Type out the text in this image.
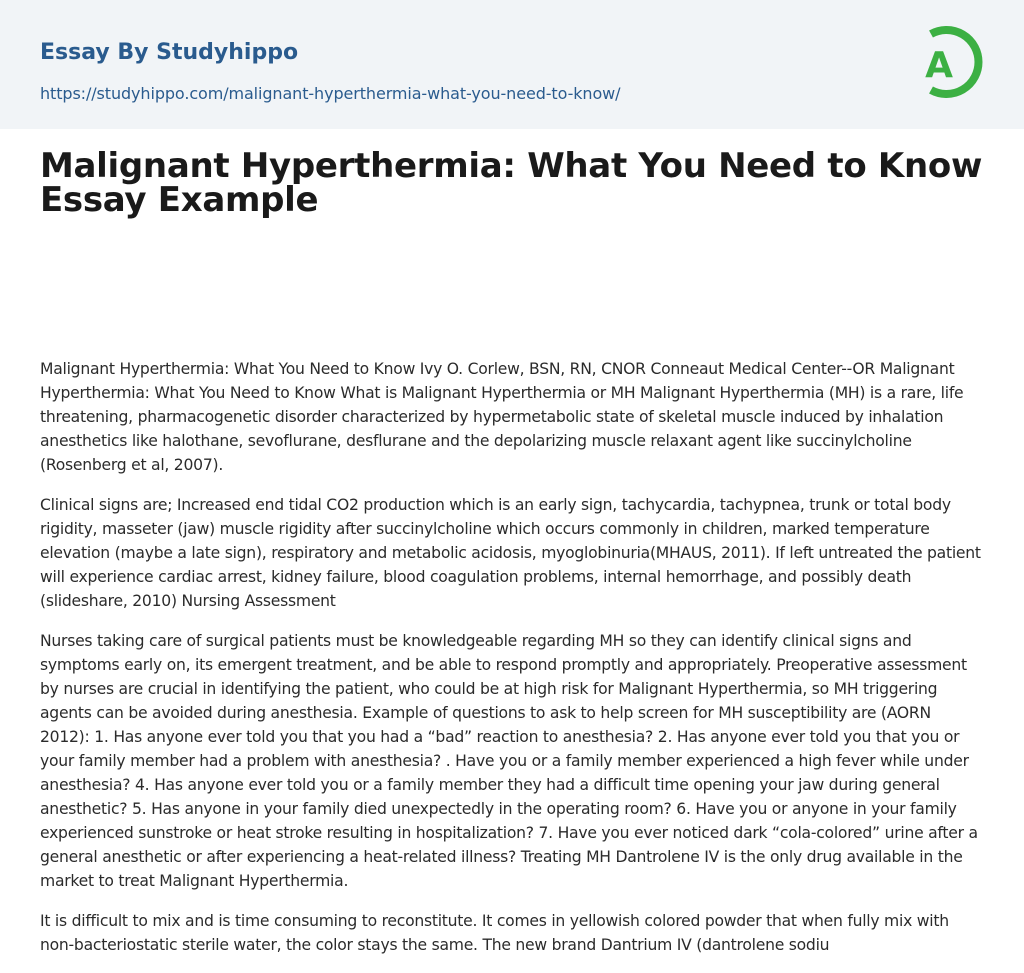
Essay By Studyhippo
https://studyhippo.com/malignant-hyperthermia-what-you-need-to-know/
A
Malignant Hyperthermia: What You Need to Know Essay Example

Malignant Hyperthermia: What You Need to Know Ivy O. Corlew, BSN, RN, CNOR Conneaut Medical Center--OR Malignant Hyperthermia: What You Need to Know What is Malignant Hyperthermia or MH Malignant Hyperthermia (MH) is a rare, life threatening, pharmacogenetic disorder characterized by hypermetabolic state of skeletal muscle induced by inhalation anesthetics like halothane, sevoflurane, desflurane and the depolarizing muscle relaxant agent like succinylcholine (Rosenberg et al, 2007).

Clinical signs are; Increased end tidal CO2 production which is an early sign, tachycardia, tachypnea, trunk or total body rigidity, masseter (jaw) muscle rigidity after succinylcholine which occurs commonly in children, marked temperature elevation (maybe a late sign), respiratory and metabolic acidosis, myoglobinuria(MHAUS, 2011). If left untreated the patient will experience cardiac arrest, kidney failure, blood coagulation problems, internal hemorrhage, and possibly death (slideshare, 2010) Nursing Assessment

Nurses taking care of surgical patients must be knowledgeable regarding MH so they can identify clinical signs and symptoms early on, its emergent treatment, and be able to respond promptly and appropriately. Preoperative assessment by nurses are crucial in identifying the patient, who could be at high risk for Malignant Hyperthermia, so MH triggering agents can be avoided during anesthesia. Example of questions to ask to help screen for MH susceptibility are (AORN 2012): 1. Has anyone ever told you that you had a “bad” reaction to anesthesia? 2. Has anyone ever told you that you or your family member had a problem with anesthesia? . Have you or a family member experienced a high fever while under anesthesia? 4. Has anyone ever told you or a family member they had a difficult time opening your jaw during general anesthetic? 5. Has anyone in your family died unexpectedly in the operating room? 6. Have you or anyone in your family experienced sunstroke or heat stroke resulting in hospitalization? 7. Have you ever noticed dark “cola-colored” urine after a general anesthetic or after experiencing a heat-related illness? Treating MH Dantrolene IV is the only drug available in the market to treat Malignant Hyperthermia.

It is difficult to mix and is time consuming to reconstitute. It comes in yellowish colored powder that when fully mix with non-bacteriostatic sterile water, the color stays the same. The new brand Dantrium IV (dantrolene sodiu
